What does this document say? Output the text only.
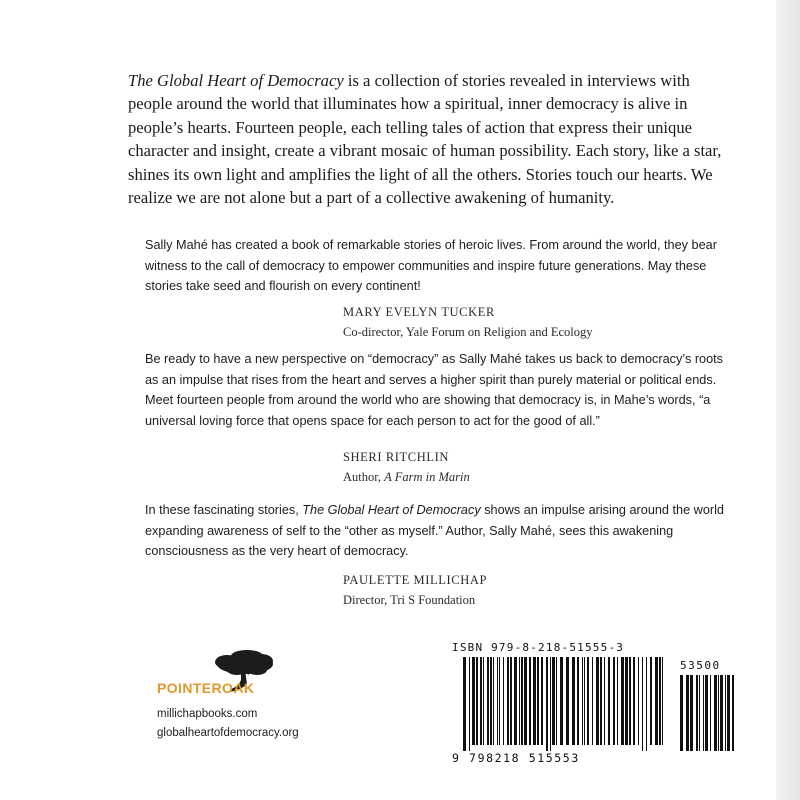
The Global Heart of Democracy is a collection of stories revealed in interviews with people around the world that illuminates how a spiritual, inner democracy is alive in people’s hearts. Fourteen people, each telling tales of action that express their unique character and insight, create a vibrant mosaic of human possibility. Each story, like a star, shines its own light and amplifies the light of all the others. Stories touch our hearts. We realize we are not alone but a part of a collective awakening of humanity.

Sally Mahé has created a book of remarkable stories of heroic lives. From around the world, they bear witness to the call of democracy to empower communities and inspire future generations. May these stories take seed and flourish on every continent!

MARY EVELYN TUCKER
Co-director, Yale Forum on Religion and Ecology

Be ready to have a new perspective on “democracy” as Sally Mahé takes us back to democracy’s roots as an impulse that rises from the heart and serves a higher spirit than purely material or political ends. Meet fourteen people from around the world who are showing that democracy is, in Mahe’s words, “a universal loving force that opens space for each person to act for the good of all.”

SHERI RITCHLIN
Author, A Farm in Marin

In these fascinating stories, The Global Heart of Democracy shows an impulse arising around the world expanding awareness of self to the “other as myself.” Author, Sally Mahé, sees this awakening consciousness as the very heart of democracy.

PAULETTE MILLICHAP
Director, Tri S Foundation
POINTEROAK
millichapbooks.com
globalheartofdemocracy.org
ISBN 979-8-218-51555-3
53500
9 798218 515553
